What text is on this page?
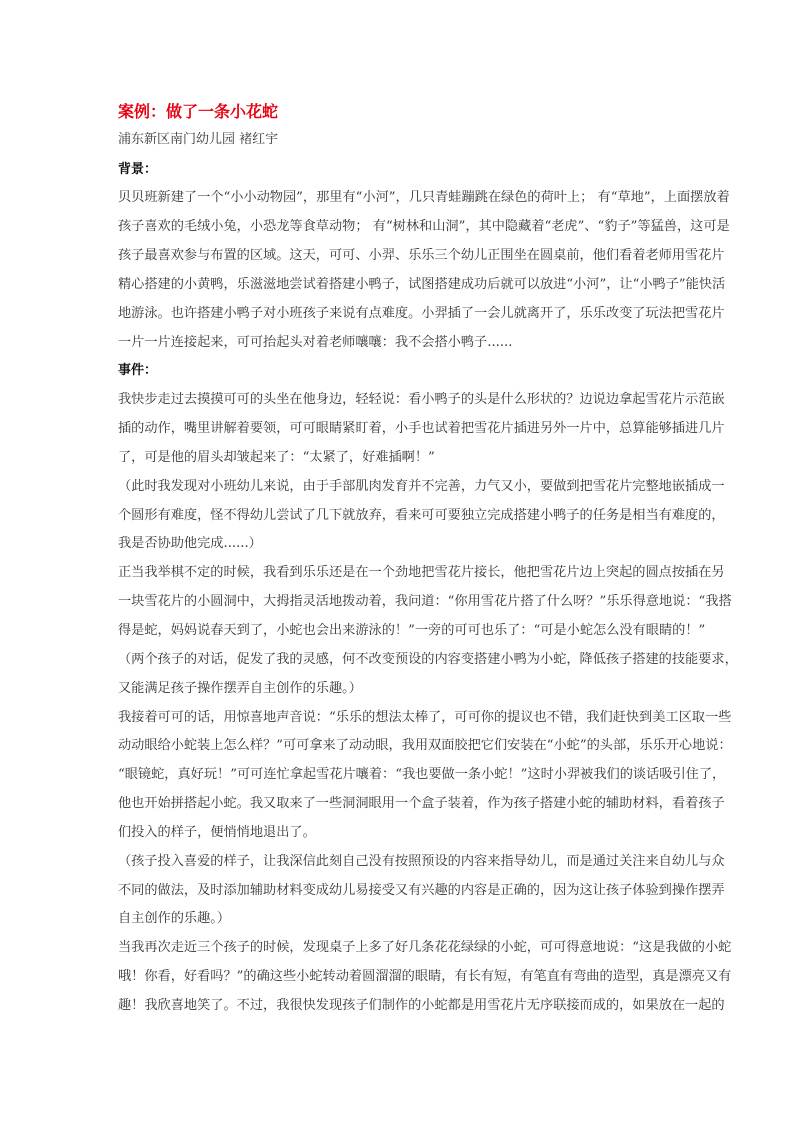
案例：做了一条小花蛇
浦东新区南门幼儿园 褚红宇
背景：
贝贝班新建了一个“小小动物园”，那里有“小河”，几只青蛙蹦跳在绿色的荷叶上； 有“草地”，上面摆放着
孩子喜欢的毛绒小兔，小恐龙等食草动物； 有“树林和山洞”，其中隐藏着“老虎”、“豹子”等猛兽，这可是
孩子最喜欢参与布置的区域。这天，可可、小羿、乐乐三个幼儿正围坐在圆桌前，他们看着老师用雪花片
精心搭建的小黄鸭，乐滋滋地尝试着搭建小鸭子，试图搭建成功后就可以放进“小河”，让“小鸭子”能快活
地游泳。也许搭建小鸭子对小班孩子来说有点难度。小羿插了一会儿就离开了，乐乐改变了玩法把雪花片
一片一片连接起来，可可抬起头对着老师嚷嚷：我不会搭小鸭子......
事件：
我快步走过去摸摸可可的头坐在他身边，轻轻说：看小鸭子的头是什么形状的？边说边拿起雪花片示范嵌
插的动作，嘴里讲解着要领，可可眼睛紧盯着，小手也试着把雪花片插进另外一片中，总算能够插进几片
了，可是他的眉头却皱起来了：“太紧了，好难插啊！”
（此时我发现对小班幼儿来说，由于手部肌肉发育并不完善，力气又小，要做到把雪花片完整地嵌插成一
个圆形有难度，怪不得幼儿尝试了几下就放弃，看来可可要独立完成搭建小鸭子的任务是相当有难度的，
我是否协助他完成......）
正当我举棋不定的时候，我看到乐乐还是在一个劲地把雪花片接长，他把雪花片边上突起的圆点按插在另
一块雪花片的小圆洞中，大拇指灵活地拨动着，我问道：“你用雪花片搭了什么呀？”乐乐得意地说：“我搭
得是蛇，妈妈说春天到了，小蛇也会出来游泳的！”一旁的可可也乐了：“可是小蛇怎么没有眼睛的！”
（两个孩子的对话，促发了我的灵感，何不改变预设的内容变搭建小鸭为小蛇，降低孩子搭建的技能要求，
又能满足孩子操作摆弄自主创作的乐趣。）
我接着可可的话，用惊喜地声音说：“乐乐的想法太棒了，可可你的提议也不错，我们赶快到美工区取一些
动动眼给小蛇装上怎么样？”可可拿来了动动眼，我用双面胶把它们安装在“小蛇”的头部，乐乐开心地说：
“眼镜蛇，真好玩！”可可连忙拿起雪花片嚷着：“我也要做一条小蛇！”这时小羿被我们的谈话吸引住了，
他也开始拼搭起小蛇。我又取来了一些洞洞眼用一个盒子装着，作为孩子搭建小蛇的辅助材料，看着孩子
们投入的样子，便悄悄地退出了。
（孩子投入喜爱的样子，让我深信此刻自己没有按照预设的内容来指导幼儿，而是通过关注来自幼儿与众
不同的做法，及时添加辅助材料变成幼儿易接受又有兴趣的内容是正确的，因为这让孩子体验到操作摆弄
自主创作的乐趣。）
当我再次走近三个孩子的时候，发现桌子上多了好几条花花绿绿的小蛇，可可得意地说：“这是我做的小蛇
哦！你看，好看吗？”的确这些小蛇转动着圆溜溜的眼睛，有长有短，有笔直有弯曲的造型，真是漂亮又有
趣！我欣喜地笑了。不过，我很快发现孩子们制作的小蛇都是用雪花片无序联接而成的，如果放在一起的
